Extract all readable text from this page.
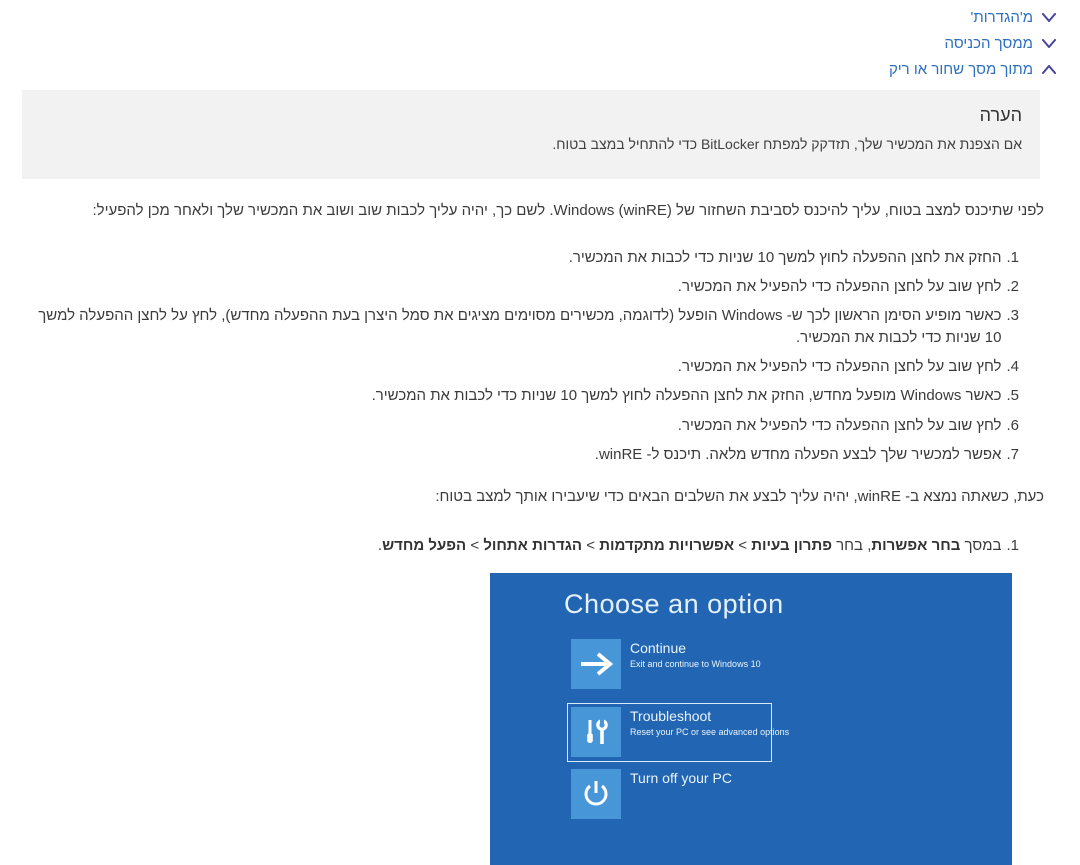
מ'הגדרות'
ממסך הכניסה
מתוך מסך שחור או ריק
הערה
אם הצפנת את המכשיר שלך, תזדקק למפתח BitLocker כדי להתחיל במצב בטוח.
לפני שתיכנס למצב בטוח, עליך להיכנס לסביבת השחזור של Windows (winRE). לשם כך, יהיה עליך לכבות שוב ושוב את המכשיר שלך ולאחר מכן להפעיל:
1.
החזק את לחצן ההפעלה לחוץ למשך 10 שניות כדי לכבות את המכשיר.
2.
לחץ שוב על לחצן ההפעלה כדי להפעיל את המכשיר.
3.
כאשר מופיע הסימן הראשון לכך ש- Windows הופעל (לדוגמה, מכשירים מסוימים מציגים את סמל היצרן בעת ההפעלה מחדש), לחץ על לחצן ההפעלה למשך 10 שניות כדי לכבות את המכשיר.
4.
לחץ שוב על לחצן ההפעלה כדי להפעיל את המכשיר.
5.
כאשר Windows מופעל מחדש, החזק את לחצן ההפעלה לחוץ למשך 10 שניות כדי לכבות את המכשיר.
6.
לחץ שוב על לחצן ההפעלה כדי להפעיל את המכשיר.
7.
אפשר למכשיר שלך לבצע הפעלה מחדש מלאה. תיכנס ל- winRE.
כעת, כשאתה נמצא ב- winRE, יהיה עליך לבצע את השלבים הבאים כדי שיעבירו אותך למצב בטוח:
1.
במסך בחר אפשרות, בחר פתרון בעיות > אפשרויות מתקדמות > הגדרות אתחול > הפעל מחדש.
Choose an option
Continue
Exit and continue to Windows 10
Troubleshoot
Reset your PC or see advanced options
Turn off your PC
